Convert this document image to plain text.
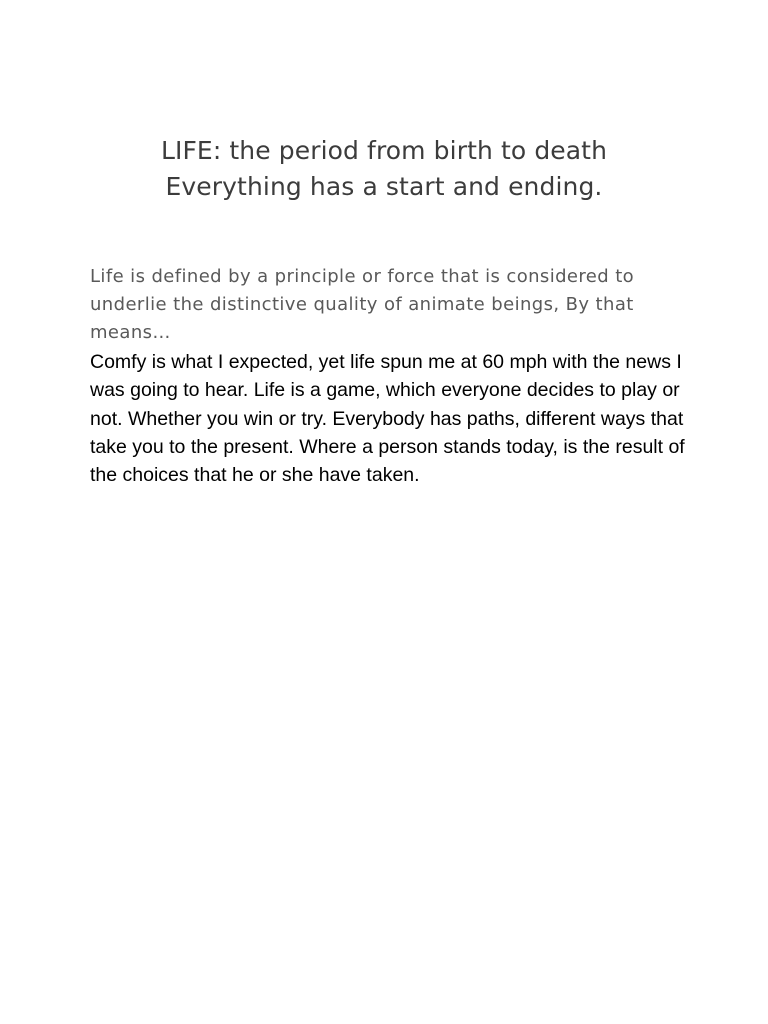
LIFE: the period from birth to death
Everything has a start and ending.
Life is defined by a principle or force that is considered to underlie the distinctive quality of animate beings, By that means…
Comfy is what I expected, yet life spun me at 60 mph with the news I was going to hear. Life is a game, which everyone decides to play or not. Whether you win or try. Everybody has paths, different ways that take you to the present. Where a person stands today, is the result of the choices that he or she have taken.
